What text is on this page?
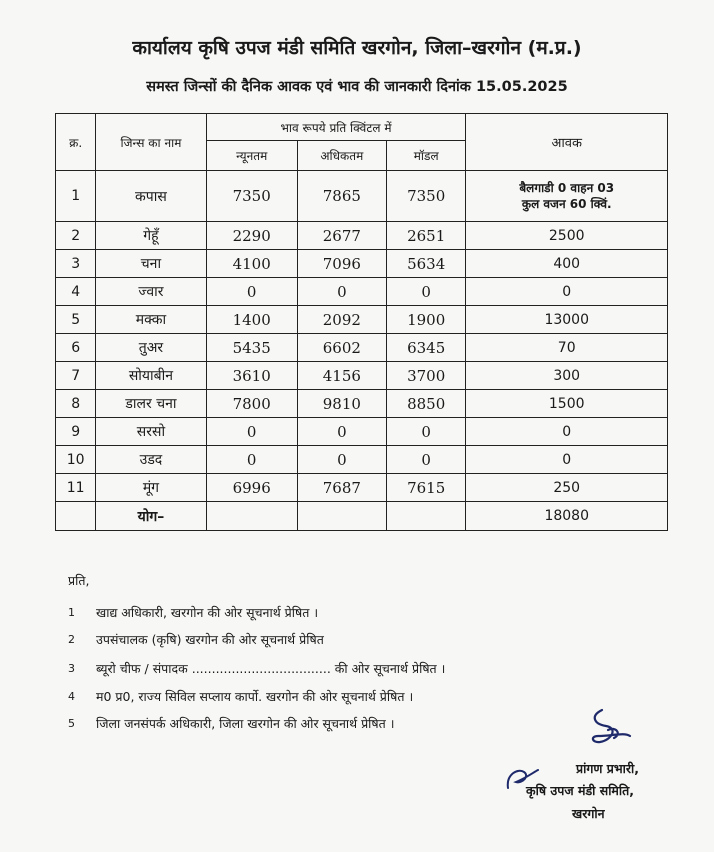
कार्यालय कृषि उपज मंडी समिति खरगोन, जिला–खरगोन (म.प्र.)
समस्त जिन्सों की दैनिक आवक एवं भाव की जानकारी दिनांक 15.05.2025
क्र.	जिन्स का नाम	भाव रूपये प्रति क्विंटल में			आवक
		न्यूनतम	अधिकतम	मॉडल	
1	कपास	7350	7865	7350	बैलगाडी 0 वाहन 03
कुल वजन 60 क्विं.

2	गेहूँ	2290	2677	2651	2500
3	चना	4100	7096	5634	400
4	ज्वार	0	0	0	0
5	मक्का	1400	2092	1900	13000
6	तुअर	5435	6602	6345	70
7	सोयाबीन	3610	4156	3700	300
8	डालर चना	7800	9810	8850	1500
9	सरसो	0	0	0	0
10	उडद	0	0	0	0
11	मूंग	6996	7687	7615	250
	योग–				18080
प्रति,
1	खाद्य अधिकारी, खरगोन की ओर सूचनार्थ प्रेषित ।
2	उपसंचालक (कृषि) खरगोन की ओर सूचनार्थ प्रेषित
3	ब्यूरो चीफ / संपादक ................................... की ओर सूचनार्थ प्रेषित ।
4	म0 प्र0, राज्य सिविल सप्लाय कार्पो. खरगोन की ओर सूचनार्थ प्रेषित ।
5	जिला जनसंपर्क अधिकारी, जिला खरगोन की ओर सूचनार्थ प्रेषित ।
प्रांगण प्रभारी,
कृषि उपज मंडी समिति,
खरगोन
